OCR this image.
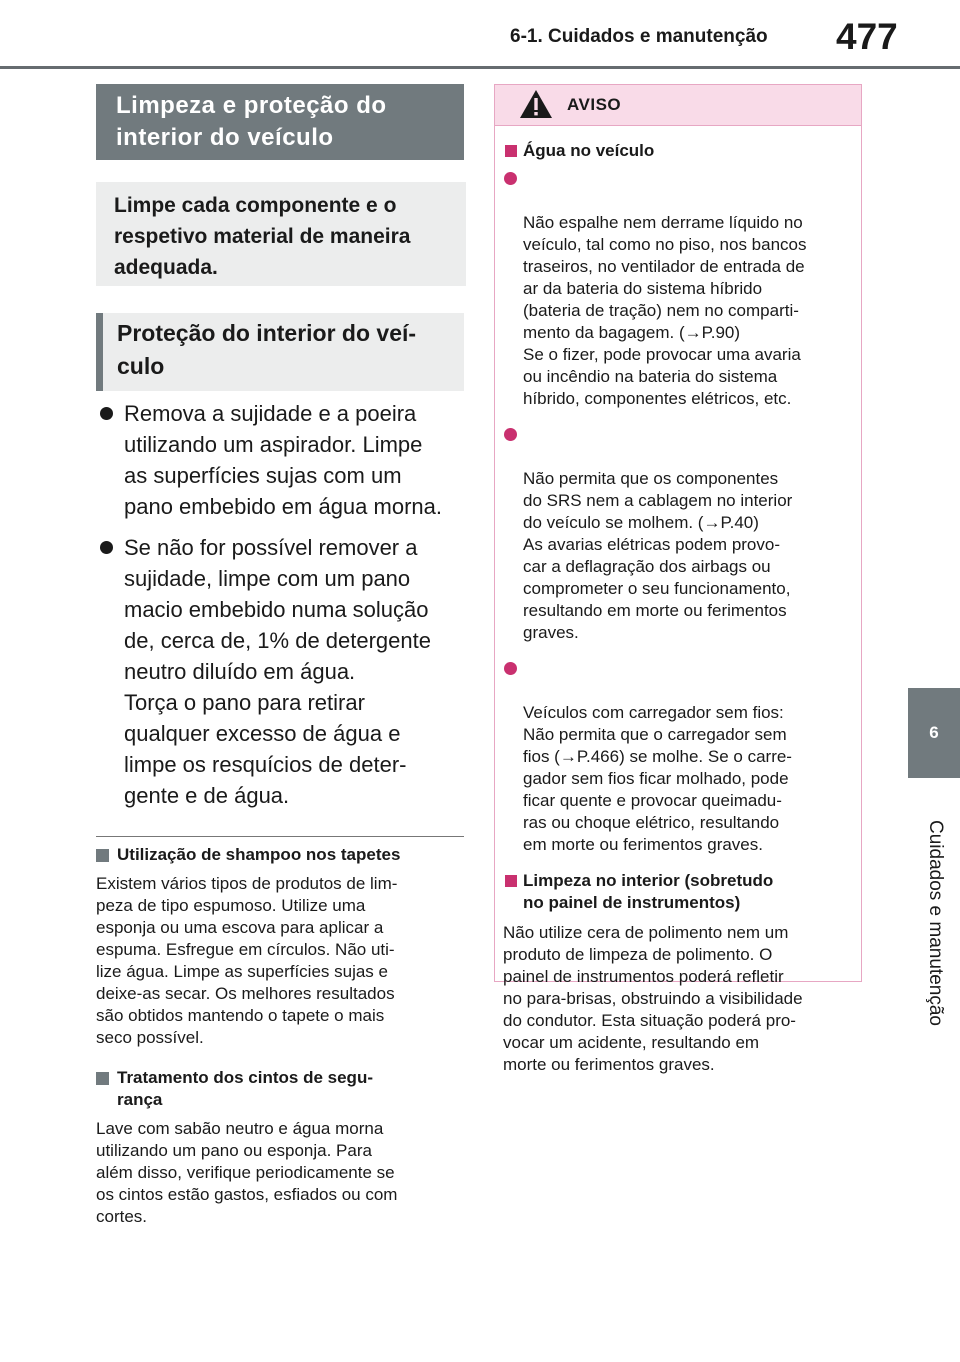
6-1. Cuidados e manutenção	477
6
Cuidados e manutenção
Limpeza e proteção do
interior do veículo
Limpe cada componente e o
respetivo material de maneira
adequada.
Proteção do interior do veí-
culo
Remova a sujidade e a poeira
utilizando um aspirador. Limpe
as superfícies sujas com um
pano embebido em água morna.
Se não for possível remover a
sujidade, limpe com um pano
macio embebido numa solução
de, cerca de, 1% de detergente
neutro diluído em água.
Torça o pano para retirar
qualquer excesso de água e
limpe os resquícios de deter-
gente e de água.
Utilização de shampoo nos tapetes
Existem vários tipos de produtos de lim-
peza de tipo espumoso. Utilize uma
esponja ou uma escova para aplicar a
espuma. Esfregue em círculos. Não uti-
lize água. Limpe as superfícies sujas e
deixe-as secar. Os melhores resultados
são obtidos mantendo o tapete o mais
seco possível.
Tratamento dos cintos de segu-
rança
Lave com sabão neutro e água morna
utilizando um pano ou esponja. Para
além disso, verifique periodicamente se
os cintos estão gastos, esfiados ou com
cortes.
AVISO
Água no veículo

Não espalhe nem derrame líquido no
veículo, tal como no piso, nos bancos
traseiros, no ventilador de entrada de
ar da bateria do sistema híbrido
(bateria de tração) nem no comparti-
mento da bagagem. (→P.90)
Se o fizer, pode provocar uma avaria
ou incêndio na bateria do sistema
híbrido, componentes elétricos, etc.

Não permita que os componentes
do SRS nem a cablagem no interior
do veículo se molhem. (→P.40)
As avarias elétricas podem provo-
car a deflagração dos airbags ou
comprometer o seu funcionamento,
resultando em morte ou ferimentos
graves.

Veículos com carregador sem fios:
Não permita que o carregador sem
fios (→P.466) se molhe. Se o carre-
gador sem fios ficar molhado, pode
ficar quente e provocar queimadu-
ras ou choque elétrico, resultando
em morte ou ferimentos graves.

Limpeza no interior (sobretudo
no painel de instrumentos)
Não utilize cera de polimento nem um
produto de limpeza de polimento. O
painel de instrumentos poderá refletir
no para-brisas, obstruindo a visibilidade
do condutor. Esta situação poderá pro-
vocar um acidente, resultando em
morte ou ferimentos graves.
